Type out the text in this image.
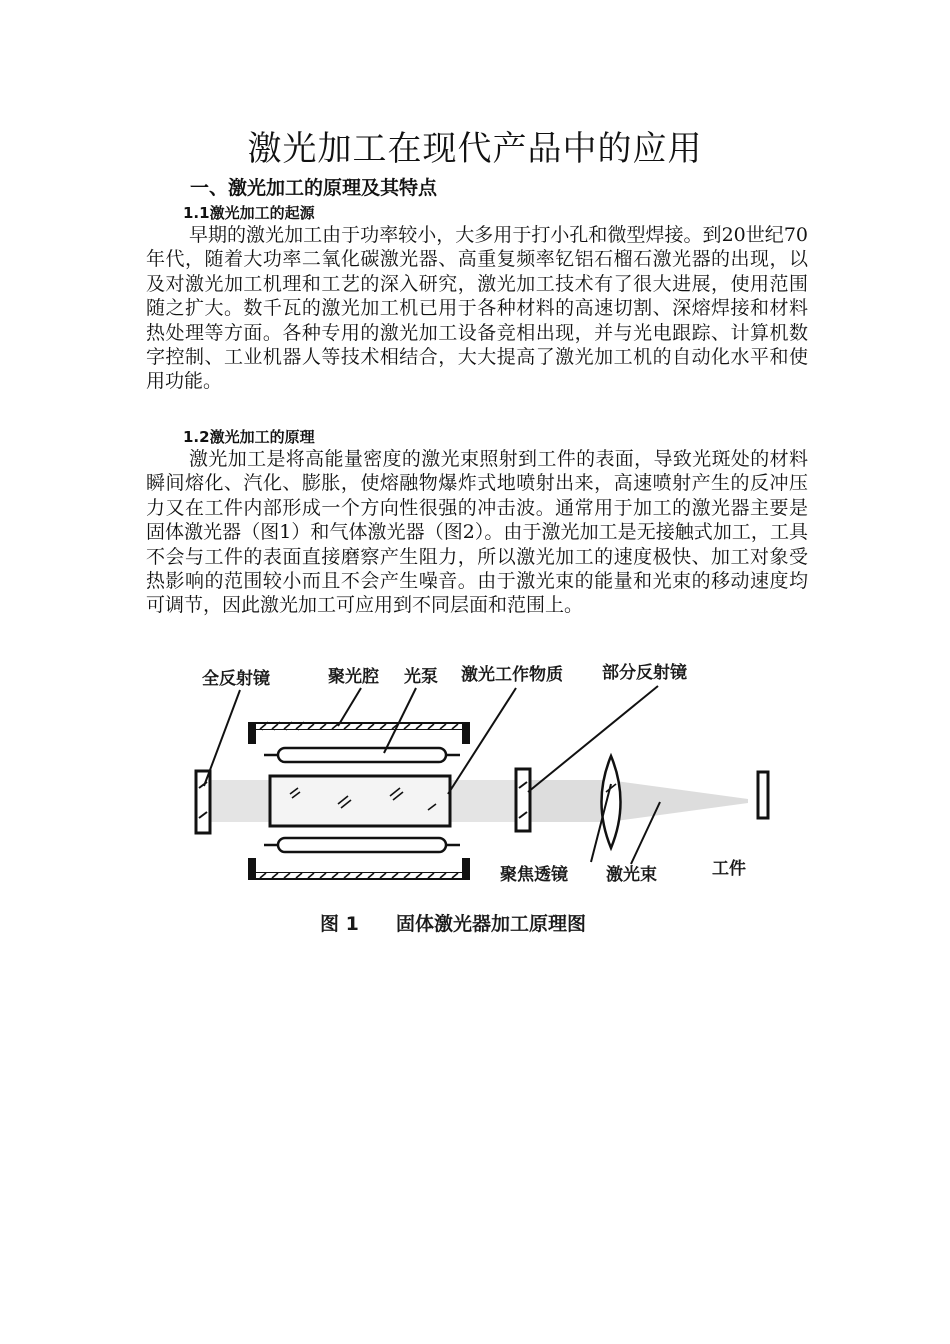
激光加工在现代产品中的应用
一、激光加工的原理及其特点
1.1激光加工的起源

早期的激光加工由于功率较小，大多用于打小孔和微型焊接。到20世纪70年代，随着大功率二氧化碳激光器、高重复频率钇铝石榴石激光器的出现，以及对激光加工机理和工艺的深入研究，激光加工技术有了很大进展，使用范围随之扩大。数千瓦的激光加工机已用于各种材料的高速切割、深熔焊接和材料热处理等方面。各种专用的激光加工设备竞相出现，并与光电跟踪、计算机数字控制、工业机器人等技术相结合，大大提高了激光加工机的自动化水平和使用功能。

1.2激光加工的原理

激光加工是将高能量密度的激光束照射到工件的表面，导致光斑处的材料瞬间熔化、汽化、膨胀，使熔融物爆炸式地喷射出来，高速喷射产生的反冲压力又在工件内部形成一个方向性很强的冲击波。通常用于加工的激光器主要是固体激光器（图1）和气体激光器（图2）。由于激光加工是无接触式加工，工具不会与工件的表面直接磨察产生阻力，所以激光加工的速度极快、加工对象受热影响的范围较小而且不会产生噪音。由于激光束的能量和光束的移动速度均可调节，因此激光加工可应用到不同层面和范围上。

全反射镜	聚光腔 光泵 激光工作物质 部分反射镜
聚焦透镜 激光束	工件
图 1 固体激光器加工原理图
